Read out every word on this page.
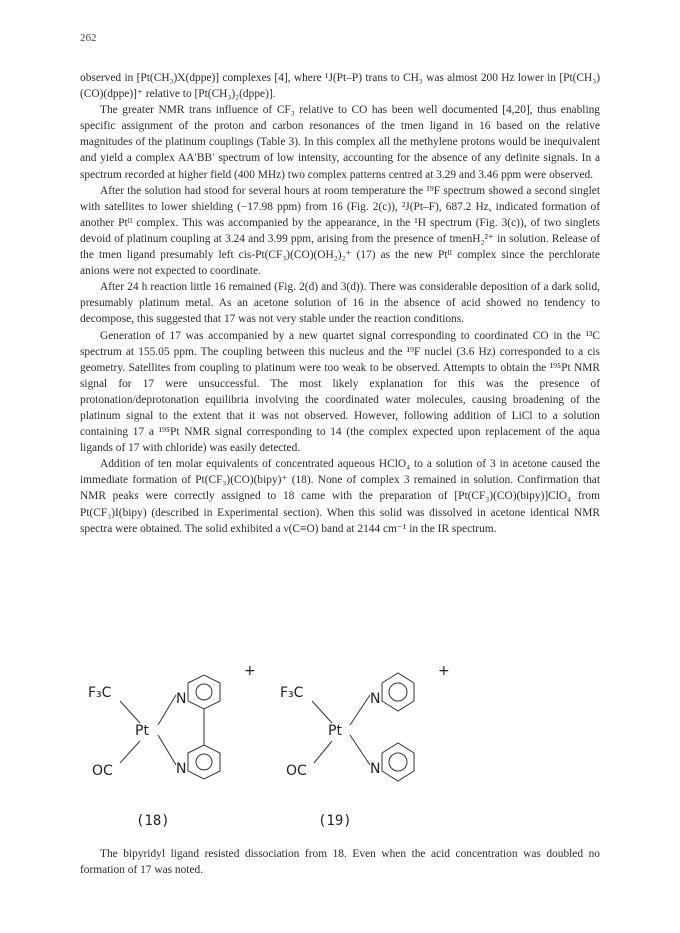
262

observed in [Pt(CH₃)X(dppe)] complexes [4], where ¹J(Pt–P) trans to CH₃ was almost 200 Hz lower in [Pt(CH₃)(CO)(dppe)]⁺ relative to [Pt(CH₃)₂(dppe)].

The greater NMR trans influence of CF₃ relative to CO has been well documented [4,20], thus enabling specific assignment of the proton and carbon resonances of the tmen ligand in 16 based on the relative magnitudes of the platinum couplings (Table 3). In this complex all the methylene protons would be inequivalent and yield a complex AA′BB′ spectrum of low intensity, accounting for the absence of any definite signals. In a spectrum recorded at higher field (400 MHz) two complex patterns centred at 3.29 and 3.46 ppm were observed.

After the solution had stood for several hours at room temperature the ¹⁹F spectrum showed a second singlet with satellites to lower shielding (−17.98 ppm) from 16 (Fig. 2(c)), ²J(Pt–F), 687.2 Hz, indicated formation of another Ptᴵᴵ complex. This was accompanied by the appearance, in the ¹H spectrum (Fig. 3(c)), of two singlets devoid of platinum coupling at 3.24 and 3.99 ppm, arising from the presence of tmenH₂²⁺ in solution. Release of the tmen ligand presumably left cis-Pt(CF₃)(CO)(OH₂)₂⁺ (17) as the new Ptᴵᴵ complex since the perchlorate anions were not expected to coordinate.

After 24 h reaction little 16 remained (Fig. 2(d) and 3(d)). There was considerable deposition of a dark solid, presumably platinum metal. As an acetone solution of 16 in the absence of acid showed no tendency to decompose, this suggested that 17 was not very stable under the reaction conditions.

Generation of 17 was accompanied by a new quartet signal corresponding to coordinated CO in the ¹³C spectrum at 155.05 ppm. The coupling between this nucleus and the ¹⁹F nuclei (3.6 Hz) corresponded to a cis geometry. Satellites from coupling to platinum were too weak to be observed. Attempts to obtain the ¹⁹⁵Pt NMR signal for 17 were unsuccessful. The most likely explanation for this was the presence of protonation/deprotonation equilibria involving the coordinated water molecules, causing broadening of the platinum signal to the extent that it was not observed. However, following addition of LiCl to a solution containing 17 a ¹⁹⁵Pt NMR signal corresponding to 14 (the complex expected upon replacement of the aqua ligands of 17 with chloride) was easily detected.

Addition of ten molar equivalents of concentrated aqueous HClO₄ to a solution of 3 in acetone caused the immediate formation of Pt(CF₃)(CO)(bipy)⁺ (18). None of complex 3 remained in solution. Confirmation that NMR peaks were correctly assigned to 18 came with the preparation of [Pt(CF₃)(CO)(bipy)]ClO₄ from Pt(CF₃)I(bipy) (described in Experimental section). When this solid was dissolved in acetone identical NMR spectra were obtained. The solid exhibited a ν(C≡O) band at 2144 cm⁻¹ in the IR spectrum.

F₃C
Pt
OC
N
N
+
(18)
F₃C
Pt
OC
N
N
+
(19)

The bipyridyl ligand resisted dissociation from 18. Even when the acid concentration was doubled no formation of 17 was noted.
